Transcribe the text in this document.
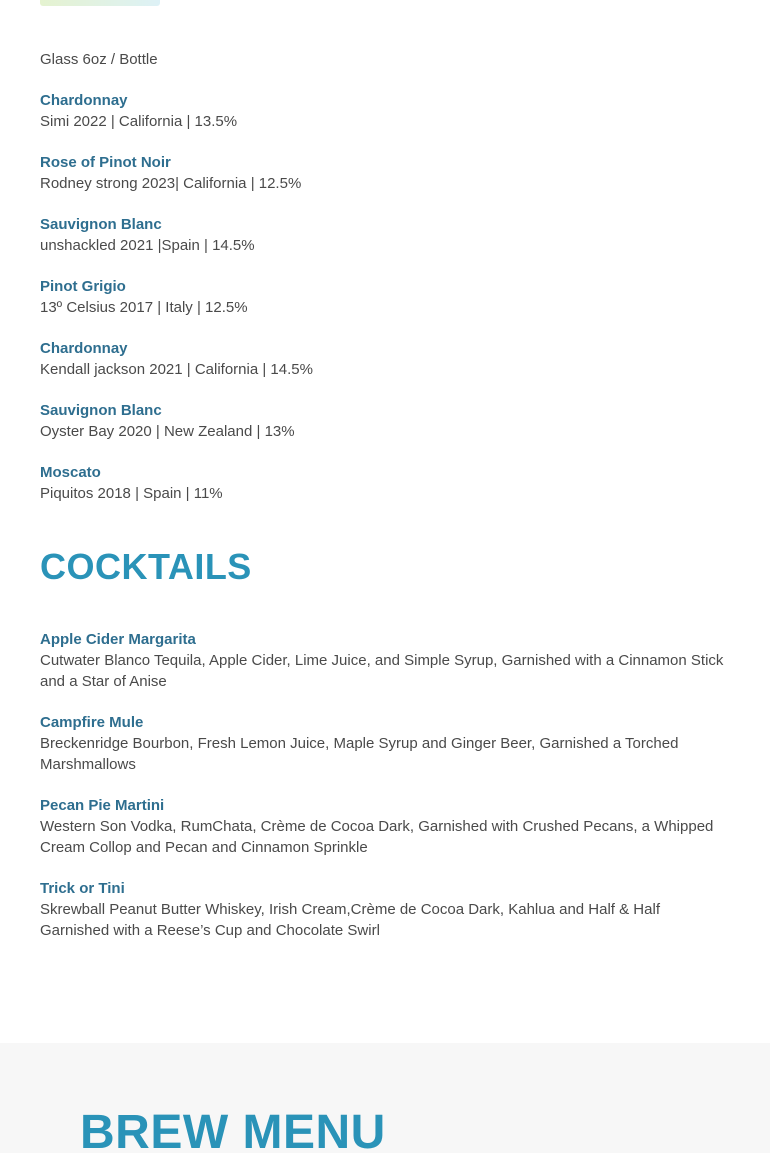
Glass 6oz / Bottle

Chardonnay
Simi 2022 | California | 13.5%
Rose of Pinot Noir
Rodney strong 2023| California | 12.5%
Sauvignon Blanc
unshackled 2021 |Spain | 14.5%
Pinot Grigio
13º Celsius 2017 | Italy | 12.5%
Chardonnay
Kendall jackson 2021 | California | 14.5%
Sauvignon Blanc
Oyster Bay 2020 | New Zealand | 13%
Moscato
Piquitos 2018 | Spain | 11%
COCKTAILS
Apple Cider Margarita
Cutwater Blanco Tequila, Apple Cider, Lime Juice, and Simple Syrup, Garnished with a Cinnamon Stick and a Star of Anise
Campfire Mule
Breckenridge Bourbon, Fresh Lemon Juice, Maple Syrup and Ginger Beer, Garnished a Torched Marshmallows
Pecan Pie Martini
Western Son Vodka, RumChata, Crème de Cocoa Dark, Garnished with Crushed Pecans, a Whipped Cream Collop and Pecan and Cinnamon Sprinkle
Trick or Tini
Skrewball Peanut Butter Whiskey, Irish Cream,Crème de Cocoa Dark, Kahlua and Half & Half Garnished with a Reese’s Cup and Chocolate Swirl
BREW MENU
